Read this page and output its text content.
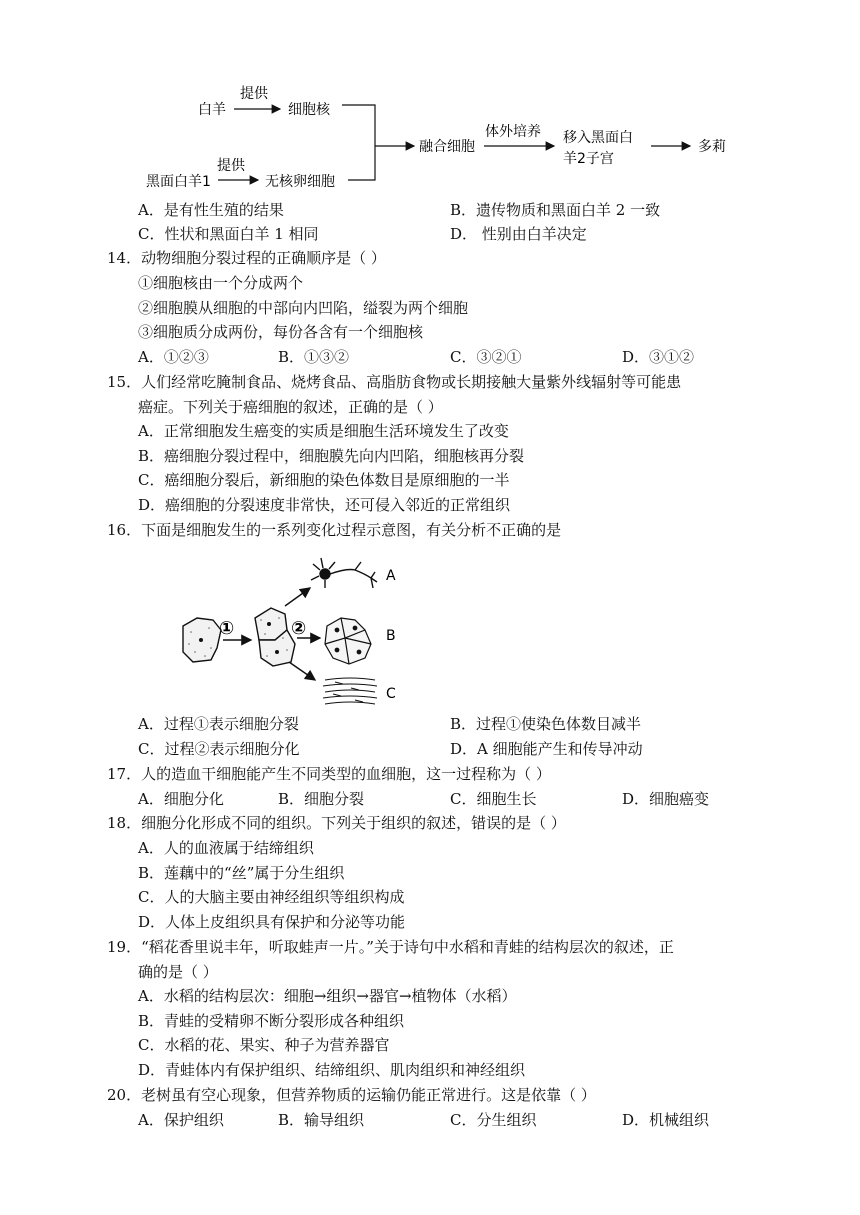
白羊
提供
细胞核
黑面白羊1
提供
无核卵细胞
融合细胞
体外培养 移入黑面白
羊2子宫
多莉
A．是有性生殖的结果	B．遗传物质和黑面白羊 2 一致
C．性状和黑面白羊 1 相同	D． 性别由白羊决定
14．动物细胞分裂过程的正确顺序是（ ）
①细胞核由一个分成两个
②细胞膜从细胞的中部向内凹陷，缢裂为两个细胞
③细胞质分成两份，每份各含有一个细胞核
A．①②③	B．①③②	C．③②①	D．③①②
15．人们经常吃腌制食品、烧烤食品、高脂肪食物或长期接触大量紫外线辐射等可能患
癌症。下列关于癌细胞的叙述，正确的是（ ）
A．正常细胞发生癌变的实质是细胞生活环境发生了改变
B．癌细胞分裂过程中，细胞膜先向内凹陷，细胞核再分裂
C．癌细胞分裂后，新细胞的染色体数目是原细胞的一半
D．癌细胞的分裂速度非常快，还可侵入邻近的正常组织
16．下面是细胞发生的一系列变化过程示意图，有关分析不正确的是
①	②
A
B
C
A．过程①表示细胞分裂	B．过程①使染色体数目减半
C．过程②表示细胞分化	D．A 细胞能产生和传导冲动
17．人的造血干细胞能产生不同类型的血细胞，这一过程称为（ ）
A．细胞分化	B．细胞分裂	C．细胞生长	D．细胞癌变
18．细胞分化形成不同的组织。下列关于组织的叙述，错误的是（ ）
A．人的血液属于结缔组织
B．莲藕中的“丝”属于分生组织
C．人的大脑主要由神经组织等组织构成
D．人体上皮组织具有保护和分泌等功能
19．“稻花香里说丰年，听取蛙声一片。”关于诗句中水稻和青蛙的结构层次的叙述，正
确的是（ ）
A．水稻的结构层次：细胞→组织→器官→植物体（水稻）
B．青蛙的受精卵不断分裂形成各种组织
C．水稻的花、果实、种子为营养器官
D．青蛙体内有保护组织、结缔组织、肌肉组织和神经组织
20．老树虽有空心现象，但营养物质的运输仍能正常进行。这是依靠（ ）
A．保护组织	B．输导组织	C．分生组织	D．机械组织
